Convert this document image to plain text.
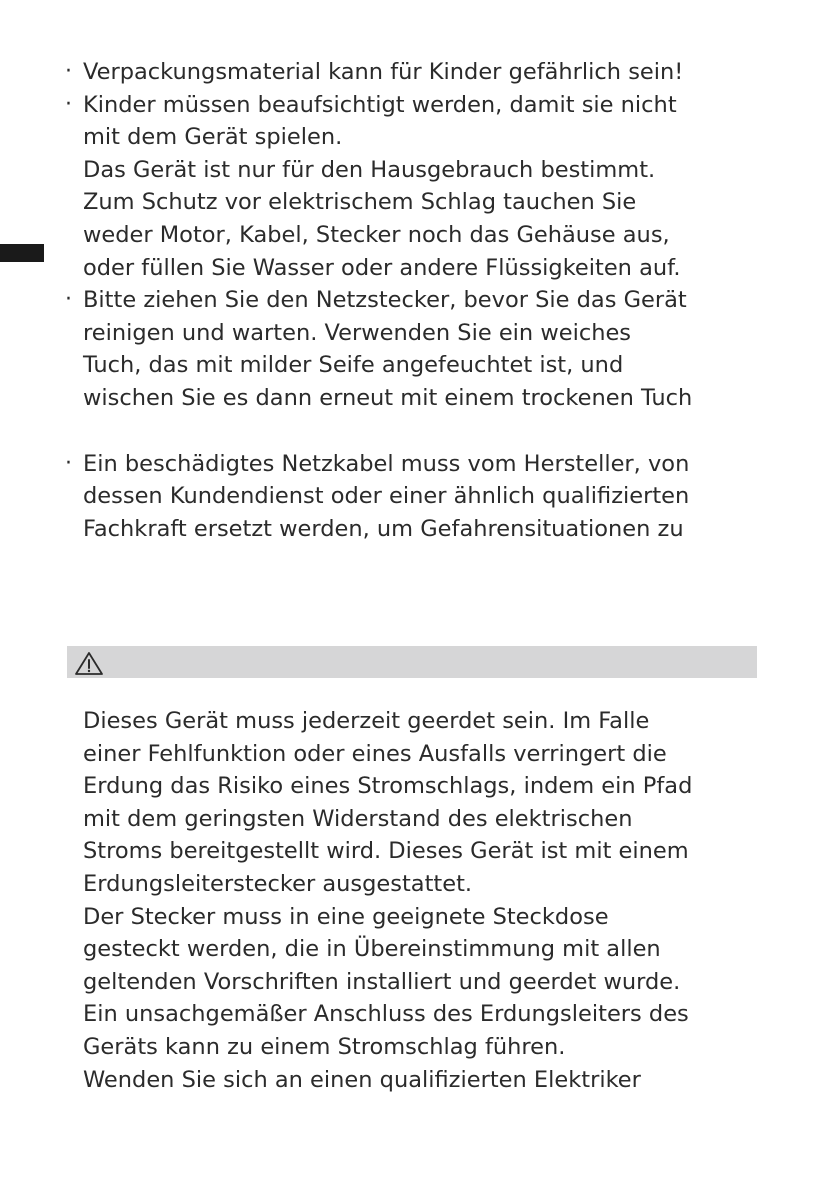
· Verpackungsmaterial kann für Kinder gefährlich sein!
· Kinder müssen beaufsichtigt werden, damit sie nicht
mit dem Gerät spielen.
Das Gerät ist nur für den Hausgebrauch bestimmt.
Zum Schutz vor elektrischem Schlag tauchen Sie
weder Motor, Kabel, Stecker noch das Gehäuse aus,
oder füllen Sie Wasser oder andere Flüssigkeiten auf.
· Bitte ziehen Sie den Netzstecker, bevor Sie das Gerät
reinigen und warten. Verwenden Sie ein weiches
Tuch, das mit milder Seife angefeuchtet ist, und
wischen Sie es dann erneut mit einem trockenen Tuch
· Ein beschädigtes Netzkabel muss vom Hersteller, von
dessen Kundendienst oder einer ähnlich qualifizierten
Fachkraft ersetzt werden, um Gefahrensituationen zu
Dieses Gerät muss jederzeit geerdet sein. Im Falle
einer Fehlfunktion oder eines Ausfalls verringert die
Erdung das Risiko eines Stromschlags, indem ein Pfad
mit dem geringsten Widerstand des elektrischen
Stroms bereitgestellt wird. Dieses Gerät ist mit einem
Erdungsleiterstecker ausgestattet.
Der Stecker muss in eine geeignete Steckdose
gesteckt werden, die in Übereinstimmung mit allen
geltenden Vorschriften installiert und geerdet wurde.
Ein unsachgemäßer Anschluss des Erdungsleiters des
Geräts kann zu einem Stromschlag führen.
Wenden Sie sich an einen qualifizierten Elektriker
